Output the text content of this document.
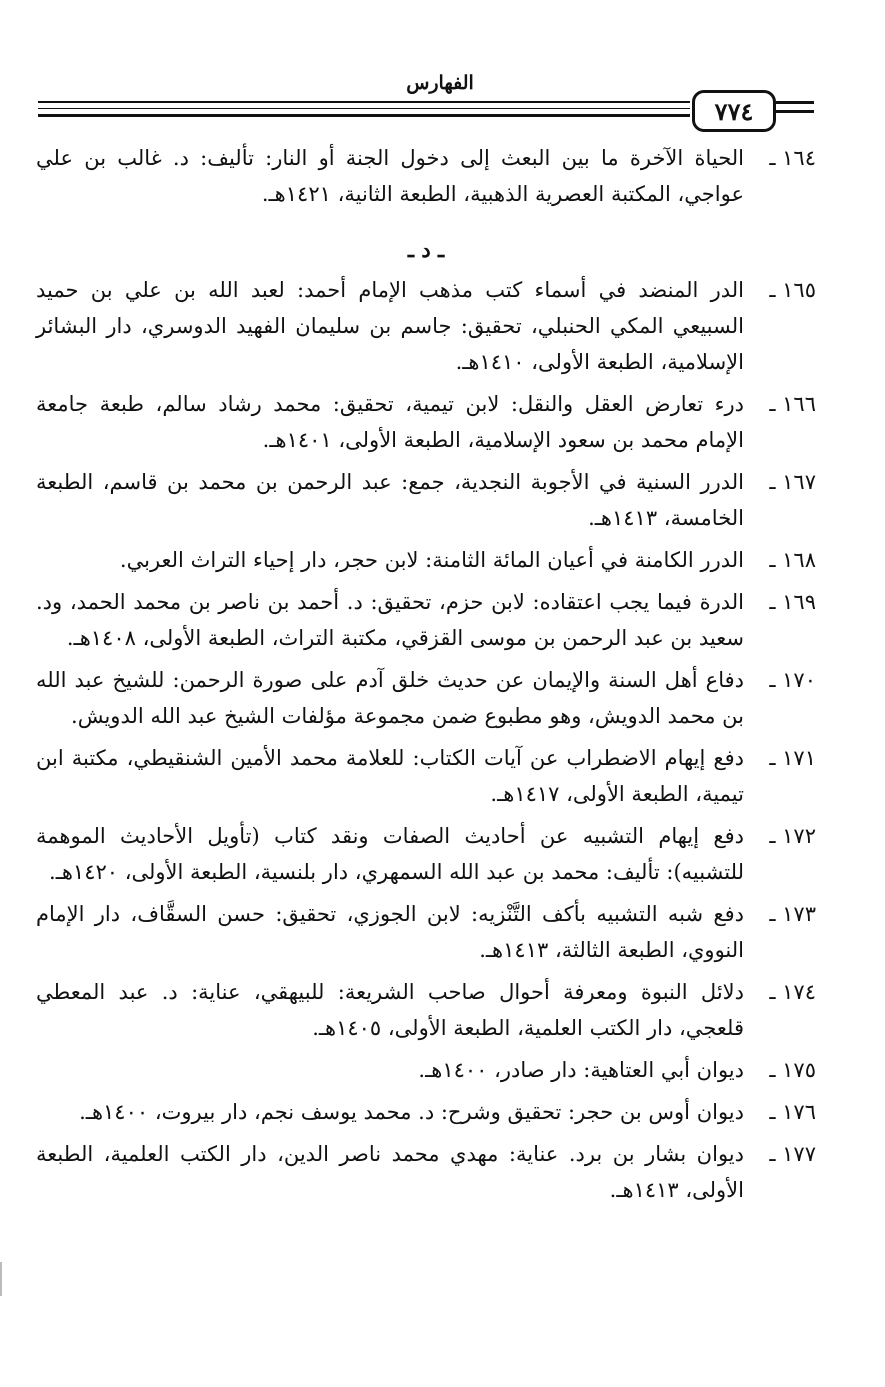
الفهارس
٧٧٤
١٦٤ ـ
الحياة الآخرة ما بين البعث إلى دخول الجنة أو النار: تأليف: د. غالب بن علي عواجي، المكتبة العصرية الذهبية، الطبعة الثانية، ١٤٢١هـ.
ـ د ـ
١٦٥ ـ
الدر المنضد في أسماء كتب مذهب الإمام أحمد: لعبد الله بن علي بن حميد السبيعي المكي الحنبلي، تحقيق: جاسم بن سليمان الفهيد الدوسري، دار البشائر الإسلامية، الطبعة الأولى، ١٤١٠هـ.
١٦٦ ـ
درء تعارض العقل والنقل: لابن تيمية، تحقيق: محمد رشاد سالم، طبعة جامعة الإمام محمد بن سعود الإسلامية، الطبعة الأولى، ١٤٠١هـ.
١٦٧ ـ
الدرر السنية في الأجوبة النجدية، جمع: عبد الرحمن بن محمد بن قاسم، الطبعة الخامسة، ١٤١٣هـ.
١٦٨ ـ
الدرر الكامنة في أعيان المائة الثامنة: لابن حجر، دار إحياء التراث العربي.
١٦٩ ـ
الدرة فيما يجب اعتقاده: لابن حزم، تحقيق: د. أحمد بن ناصر بن محمد الحمد، ود. سعيد بن عبد الرحمن بن موسى القزقي، مكتبة التراث، الطبعة الأولى، ١٤٠٨هـ.
١٧٠ ـ
دفاع أهل السنة والإيمان عن حديث خلق آدم على صورة الرحمن: للشيخ عبد الله بن محمد الدويش، وهو مطبوع ضمن مجموعة مؤلفات الشيخ عبد الله الدويش.
١٧١ ـ
دفع إيهام الاضطراب عن آيات الكتاب: للعلامة محمد الأمين الشنقيطي، مكتبة ابن تيمية، الطبعة الأولى، ١٤١٧هـ.
١٧٢ ـ
دفع إيهام التشبيه عن أحاديث الصفات ونقد كتاب (تأويل الأحاديث الموهمة للتشبيه): تأليف: محمد بن عبد الله السمهري، دار بلنسية، الطبعة الأولى، ١٤٢٠هـ.
١٧٣ ـ
دفع شبه التشبيه بأكف التَّنْزيه: لابن الجوزي، تحقيق: حسن السقَّاف، دار الإمام النووي، الطبعة الثالثة، ١٤١٣هـ.
١٧٤ ـ
دلائل النبوة ومعرفة أحوال صاحب الشريعة: للبيهقي، عناية: د. عبد المعطي قلعجي، دار الكتب العلمية، الطبعة الأولى، ١٤٠٥هـ.
١٧٥ ـ
ديوان أبي العتاهية: دار صادر، ١٤٠٠هـ.
١٧٦ ـ
ديوان أوس بن حجر: تحقيق وشرح: د. محمد يوسف نجم، دار بيروت، ١٤٠٠هـ.
١٧٧ ـ
ديوان بشار بن برد. عناية: مهدي محمد ناصر الدين، دار الكتب العلمية، الطبعة الأولى، ١٤١٣هـ.
